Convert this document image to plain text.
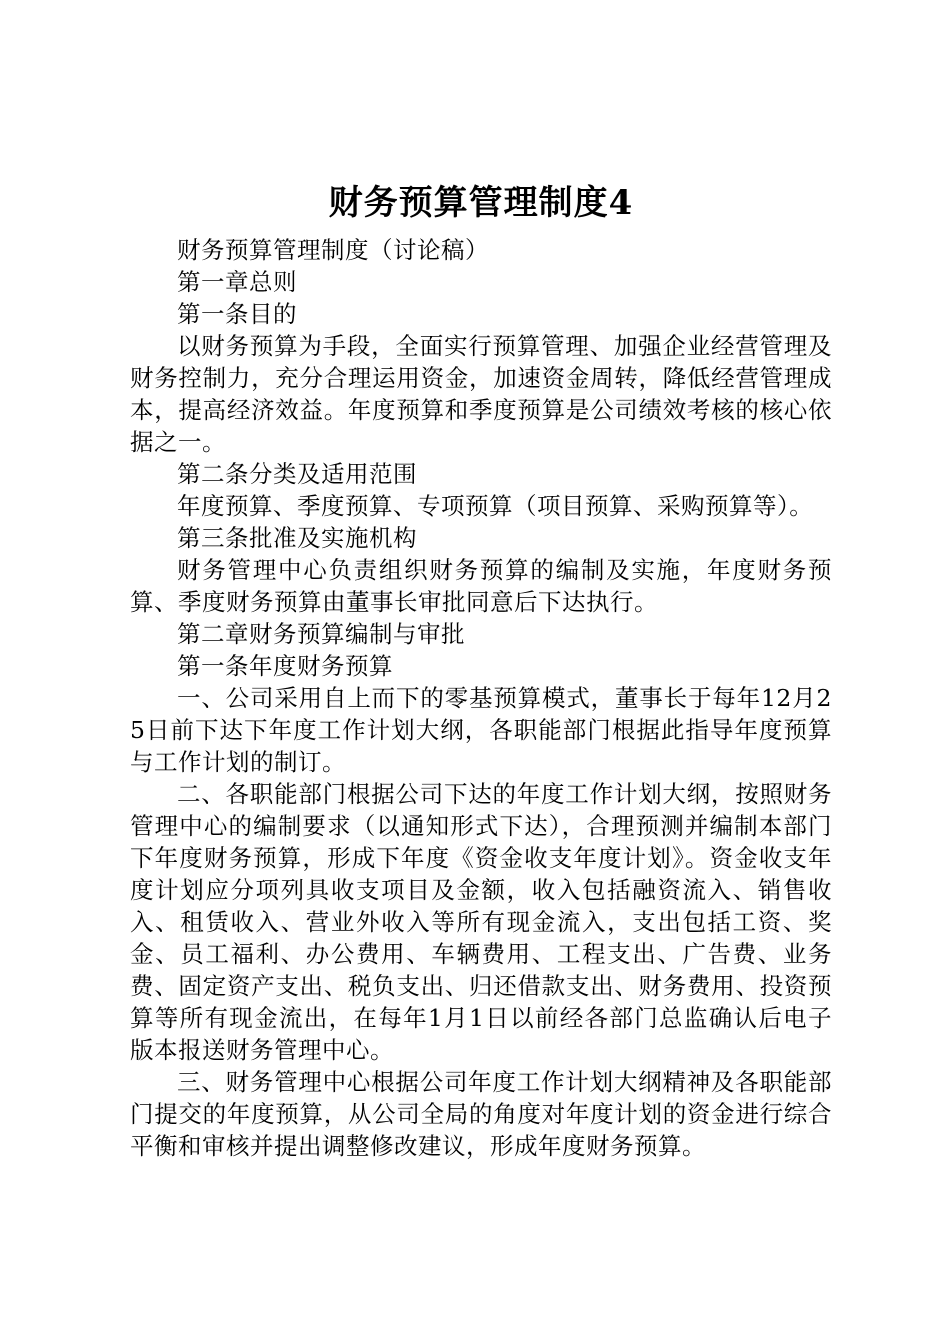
财务预算管理制度4

财务预算管理制度（讨论稿）

第一章总则

第一条目的

以财务预算为手段，全面实行预算管理、加强企业经营管理及财务控制力，充分合理运用资金，加速资金周转，降低经营管理成本，提高经济效益。年度预算和季度预算是公司绩效考核的核心依据之一。

第二条分类及适用范围

年度预算、季度预算、专项预算（项目预算、采购预算等）。

第三条批准及实施机构

财务管理中心负责组织财务预算的编制及实施，年度财务预算、季度财务预算由董事长审批同意后下达执行。

第二章财务预算编制与审批

第一条年度财务预算

一、公司采用自上而下的零基预算模式，董事长于每年12月25日前下达下年度工作计划大纲，各职能部门根据此指导年度预算与工作计划的制订。

二、各职能部门根据公司下达的年度工作计划大纲，按照财务管理中心的编制要求（以通知形式下达），合理预测并编制本部门下年度财务预算，形成下年度《资金收支年度计划》。资金收支年度计划应分项列具收支项目及金额，收入包括融资流入、销售收入、租赁收入、营业外收入等所有现金流入，支出包括工资、奖金、员工福利、办公费用、车辆费用、工程支出、广告费、业务费、固定资产支出、税负支出、归还借款支出、财务费用、投资预算等所有现金流出，在每年1月1日以前经各部门总监确认后电子版本报送财务管理中心。

三、财务管理中心根据公司年度工作计划大纲精神及各职能部门提交的年度预算，从公司全局的角度对年度计划的资金进行综合平衡和审核并提出调整修改建议，形成年度财务预算。
